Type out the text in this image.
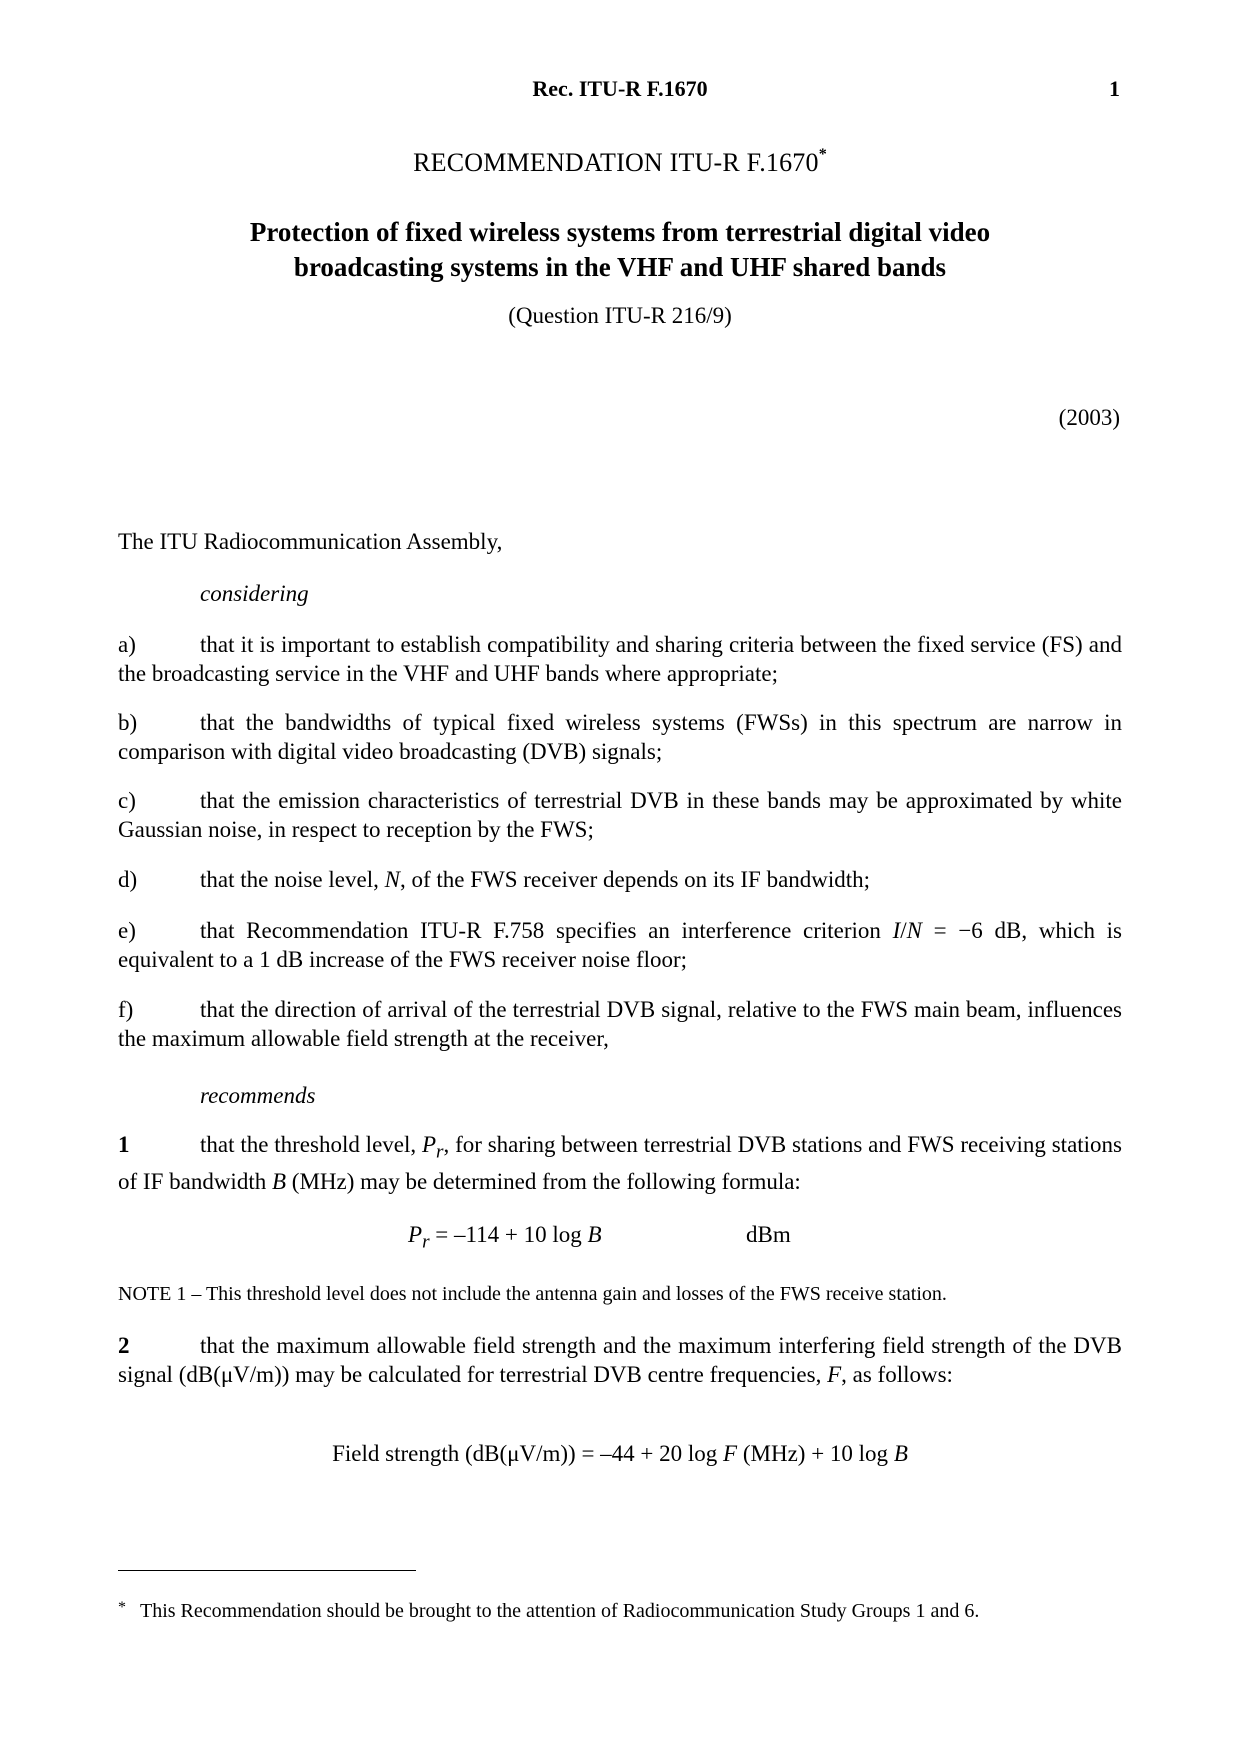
Rec. ITU-R F.1670	1
RECOMMENDATION ITU-R F.1670*
Protection of fixed wireless systems from terrestrial digital video
broadcasting systems in the VHF and UHF shared bands
(Question ITU-R 216/9)
(2003)
The ITU Radiocommunication Assembly,
considering
a)	that it is important to establish compatibility and sharing criteria between the fixed service (FS) and the broadcasting service in the VHF and UHF bands where appropriate;
b)	that the bandwidths of typical fixed wireless systems (FWSs) in this spectrum are narrow in comparison with digital video broadcasting (DVB) signals;
c)	that the emission characteristics of terrestrial DVB in these bands may be approximated by white Gaussian noise, in respect to reception by the FWS;
d)	that the noise level, N, of the FWS receiver depends on its IF bandwidth;
e)	that Recommendation ITU-R F.758 specifies an interference criterion I/N = −6 dB, which is equivalent to a 1 dB increase of the FWS receiver noise floor;
f)	that the direction of arrival of the terrestrial DVB signal, relative to the FWS main beam, influences the maximum allowable field strength at the receiver,
recommends
1	that the threshold level, $P_r$, for sharing between terrestrial DVB stations and FWS receiving stations of IF bandwidth B (MHz) may be determined from the following formula:
$P_r = -114 + 10$ log B	dBm
NOTE 1 – This threshold level does not include the antenna gain and losses of the FWS receive station.
2	that the maximum allowable field strength and the maximum interfering field strength of the DVB signal (dB(μV/m)) may be calculated for terrestrial DVB centre frequencies, F, as follows:
Field strength (dB(μV/m)) = –44 + 20 log F (MHz) + 10 log B
* This Recommendation should be brought to the attention of Radiocommunication Study Groups 1 and 6.
